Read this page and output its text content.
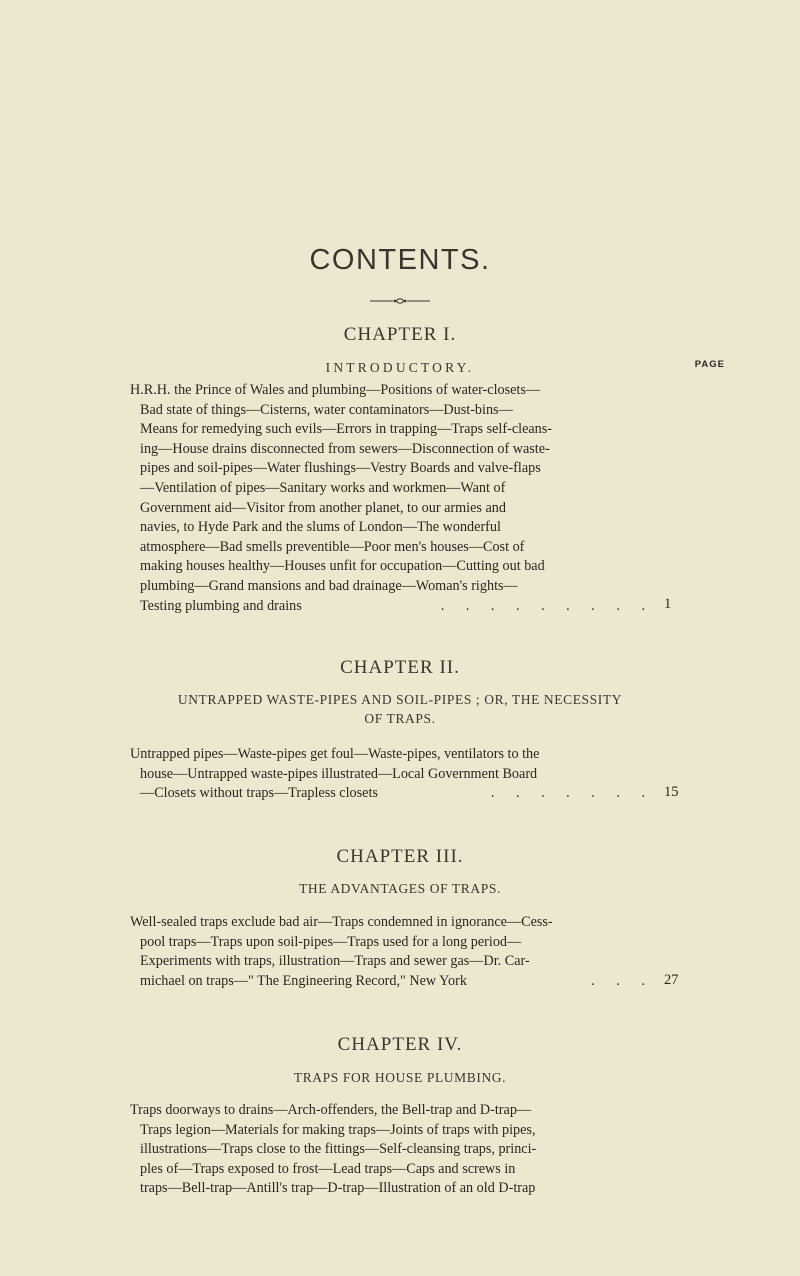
CONTENTS.
CHAPTER I.
INTRODUCTORY.	PAGE
H.R.H. the Prince of Wales and plumbing—Positions of water-closets—
Bad state of things—Cisterns, water contaminators—Dust-bins—
Means for remedying such evils—Errors in trapping—Traps self-cleans-
ing—House drains disconnected from sewers—Disconnection of waste-
pipes and soil-pipes—Water flushings—Vestry Boards and valve-flaps
—Ventilation of pipes—Sanitary works and workmen—Want of
Government aid—Visitor from another planet, to our armies and
navies, to Hyde Park and the slums of London—The wonderful
atmosphere—Bad smells preventible—Poor men's houses—Cost of
making houses healthy—Houses unfit for occupation—Cutting out bad
plumbing—Grand mansions and bad drainage—Woman's rights—
Testing plumbing and drains	. . . . . . . . . 1
CHAPTER II.
UNTRAPPED WASTE-PIPES AND SOIL-PIPES ; OR, THE NECESSITY
OF TRAPS.
Untrapped pipes—Waste-pipes get foul—Waste-pipes, ventilators to the
house—Untrapped waste-pipes illustrated—Local Government Board
—Closets without traps—Trapless closets	. . . . . . . 15
CHAPTER III.
THE ADVANTAGES OF TRAPS.
Well-sealed traps exclude bad air—Traps condemned in ignorance—Cess-
pool traps—Traps upon soil-pipes—Traps used for a long period—
Experiments with traps, illustration—Traps and sewer gas—Dr. Car-
michael on traps—" The Engineering Record," New York	. . . 27
CHAPTER IV.
TRAPS FOR HOUSE PLUMBING.
Traps doorways to drains—Arch-offenders, the Bell-trap and D-trap—
Traps legion—Materials for making traps—Joints of traps with pipes,
illustrations—Traps close to the fittings—Self-cleansing traps, princi-
ples of—Traps exposed to frost—Lead traps—Caps and screws in
traps—Bell-trap—Antill's trap—D-trap—Illustration of an old D-trap
